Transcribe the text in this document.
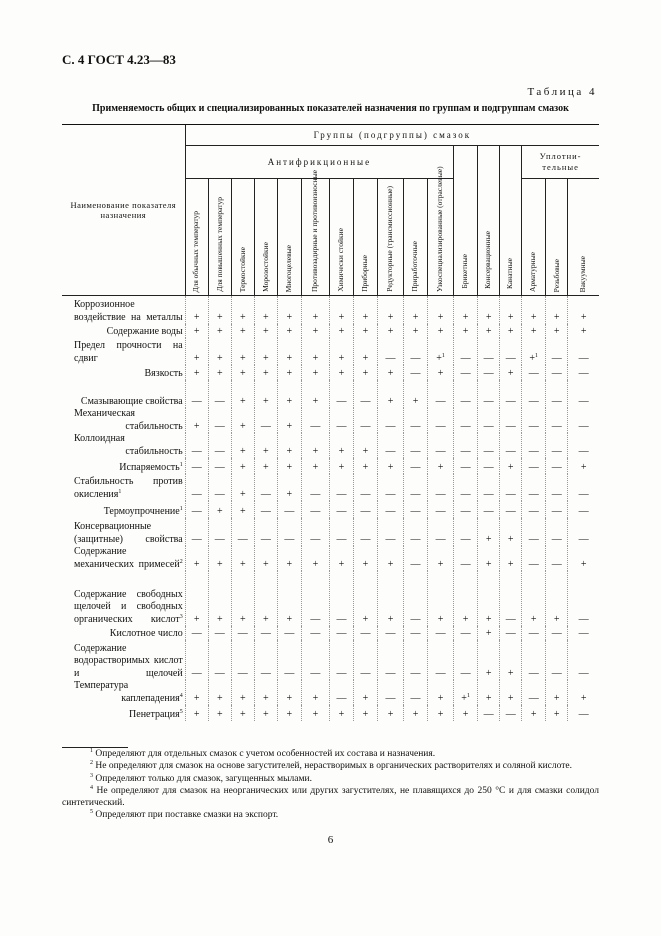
С. 4 ГОСТ 4.23—83
Таблица 4
Применяемость общих и специализированных показателей назначения по группам и подгруппам смазок
Наименование показателя назначения	Группы (подгруппы) смазок																
	Антифрикционные											Брикетные	Консервационные	Канатные	Уплотни-тельные		
	Для обычных температур	Для повышенных температур	Термостойкие	Морозостойкие	Многоцелевые	Противозадирные и противоизносные	Химически стойкие	Приборные	Редукторные (трансмиссионные)	Приработочные	Узкоспециализированные (отраслевые)				Арматурные	Резьбовые	Вакуумные
Коррозионное воздействие на металлы	+	+	+	+	+	+	+	+	+	+	+	+	+	+	+	+	+
Содержание воды	+	+	+	+	+	+	+	+	+	+	+	+	+	+	+	+	+
Предел прочности на сдвиг	+	+	+	+	+	+	+	+	—	—	+$^1$	—	—	—	+$^1$	—	—
Вязкость	+	+	+	+	+	+	+	+	+	—	+	—	—	+	—	—	—
Смазывающие свойства	—	—	+	+	+	+	—	—	+	+	—	—	—	—	—	—	—
Механическая стабильность	+	—	+	—	+	—	—	—	—	—	—	—	—	—	—	—	—
Коллоидная стабильность	—	—	+	+	+	+	+	+	—	—	—	—	—	—	—	—	—
Испаряемость$^1$	—	—	+	+	+	+	+	+	+	—	+	—	—	+	—	—	+
Стабильность против окисления$^1$	—	—	+	—	+	—	—	—	—	—	—	—	—	—	—	—	—
Термоупрочнение$^1$	—	+	+	—	—	—	—	—	—	—	—	—	—	—	—	—	—
Консервационные (защитные) свойства	—	—	—	—	—	—	—	—	—	—	—	—	+	+	—	—	—
Содержание механических примесей$^2$	+	+	+	+	+	+	+	+	+	—	+	—	+	+	—	—	+
Содержание свободных щелочей и свободных органических кислот$^3$	+	+	+	+	+	—	—	+	+	—	+	+	+	—	+	+	—
Кислотное число	—	—	—	—	—	—	—	—	—	—	—	—	+	—	—	—	—
Содержание водорастворимых кислот и щелочей	—	—	—	—	—	—	—	—	—	—	—	—	+	+	—	—	—
Температура каплепадения$^4$	+	+	+	+	+	+	—	+	—	—	+	+$^1$	+	+	—	+	+
Пенетрация$^5$	+	+	+	+	+	+	+	+	+	+	+	+	—	—	+	+	—

$^1$ Определяют для отдельных смазок с учетом особенностей их состава и назначения.

$^2$ Не определяют для смазок на основе загустителей, нерастворимых в органических растворителях и соляной кислоте.

$^3$ Определяют только для смазок, загущенных мылами.

$^4$ Не определяют для смазок на неорганических или других загустителях, не плавящихся до 250 °С и для смазки солидол синтетический.

$^5$ Определяют при поставке смазки на экспорт.

6
